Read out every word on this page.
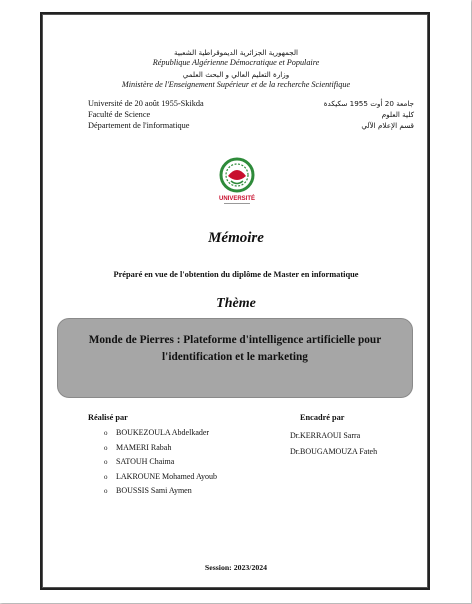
الجمهورية الجزائرية الديموقراطية الشعبية
République Algérienne Démocratique et Populaire
وزارة التعليم العالي و البحث العلمي
Ministère de l'Enseignement Supérieur et de la recherche Scientifique
Université de 20 août 1955-Skikda
Faculté de Science
Département de l'informatique
جامعة 20 أوت 1955 سكيكدة
كلية العلوم
قسم الإعلام الآلي
UNIVERSITÉ
Mémoire
Préparé en vue de l'obtention du diplôme de Master en informatique
Thème
Monde de Pierres : Plateforme d'intelligence artificielle pour l'identification et le marketing
Réalisé par	Encadré par
o BOUKEZOULA Abdelkader
o MAMERI Rabah
o SATOUH Chaima
o LAKROUNE Mohamed Ayoub
o BOUSSIS Sami Aymen
Dr.KERRAOUI Sarra
Dr.BOUGAMOUZA Fateh
Session: 2023/2024
